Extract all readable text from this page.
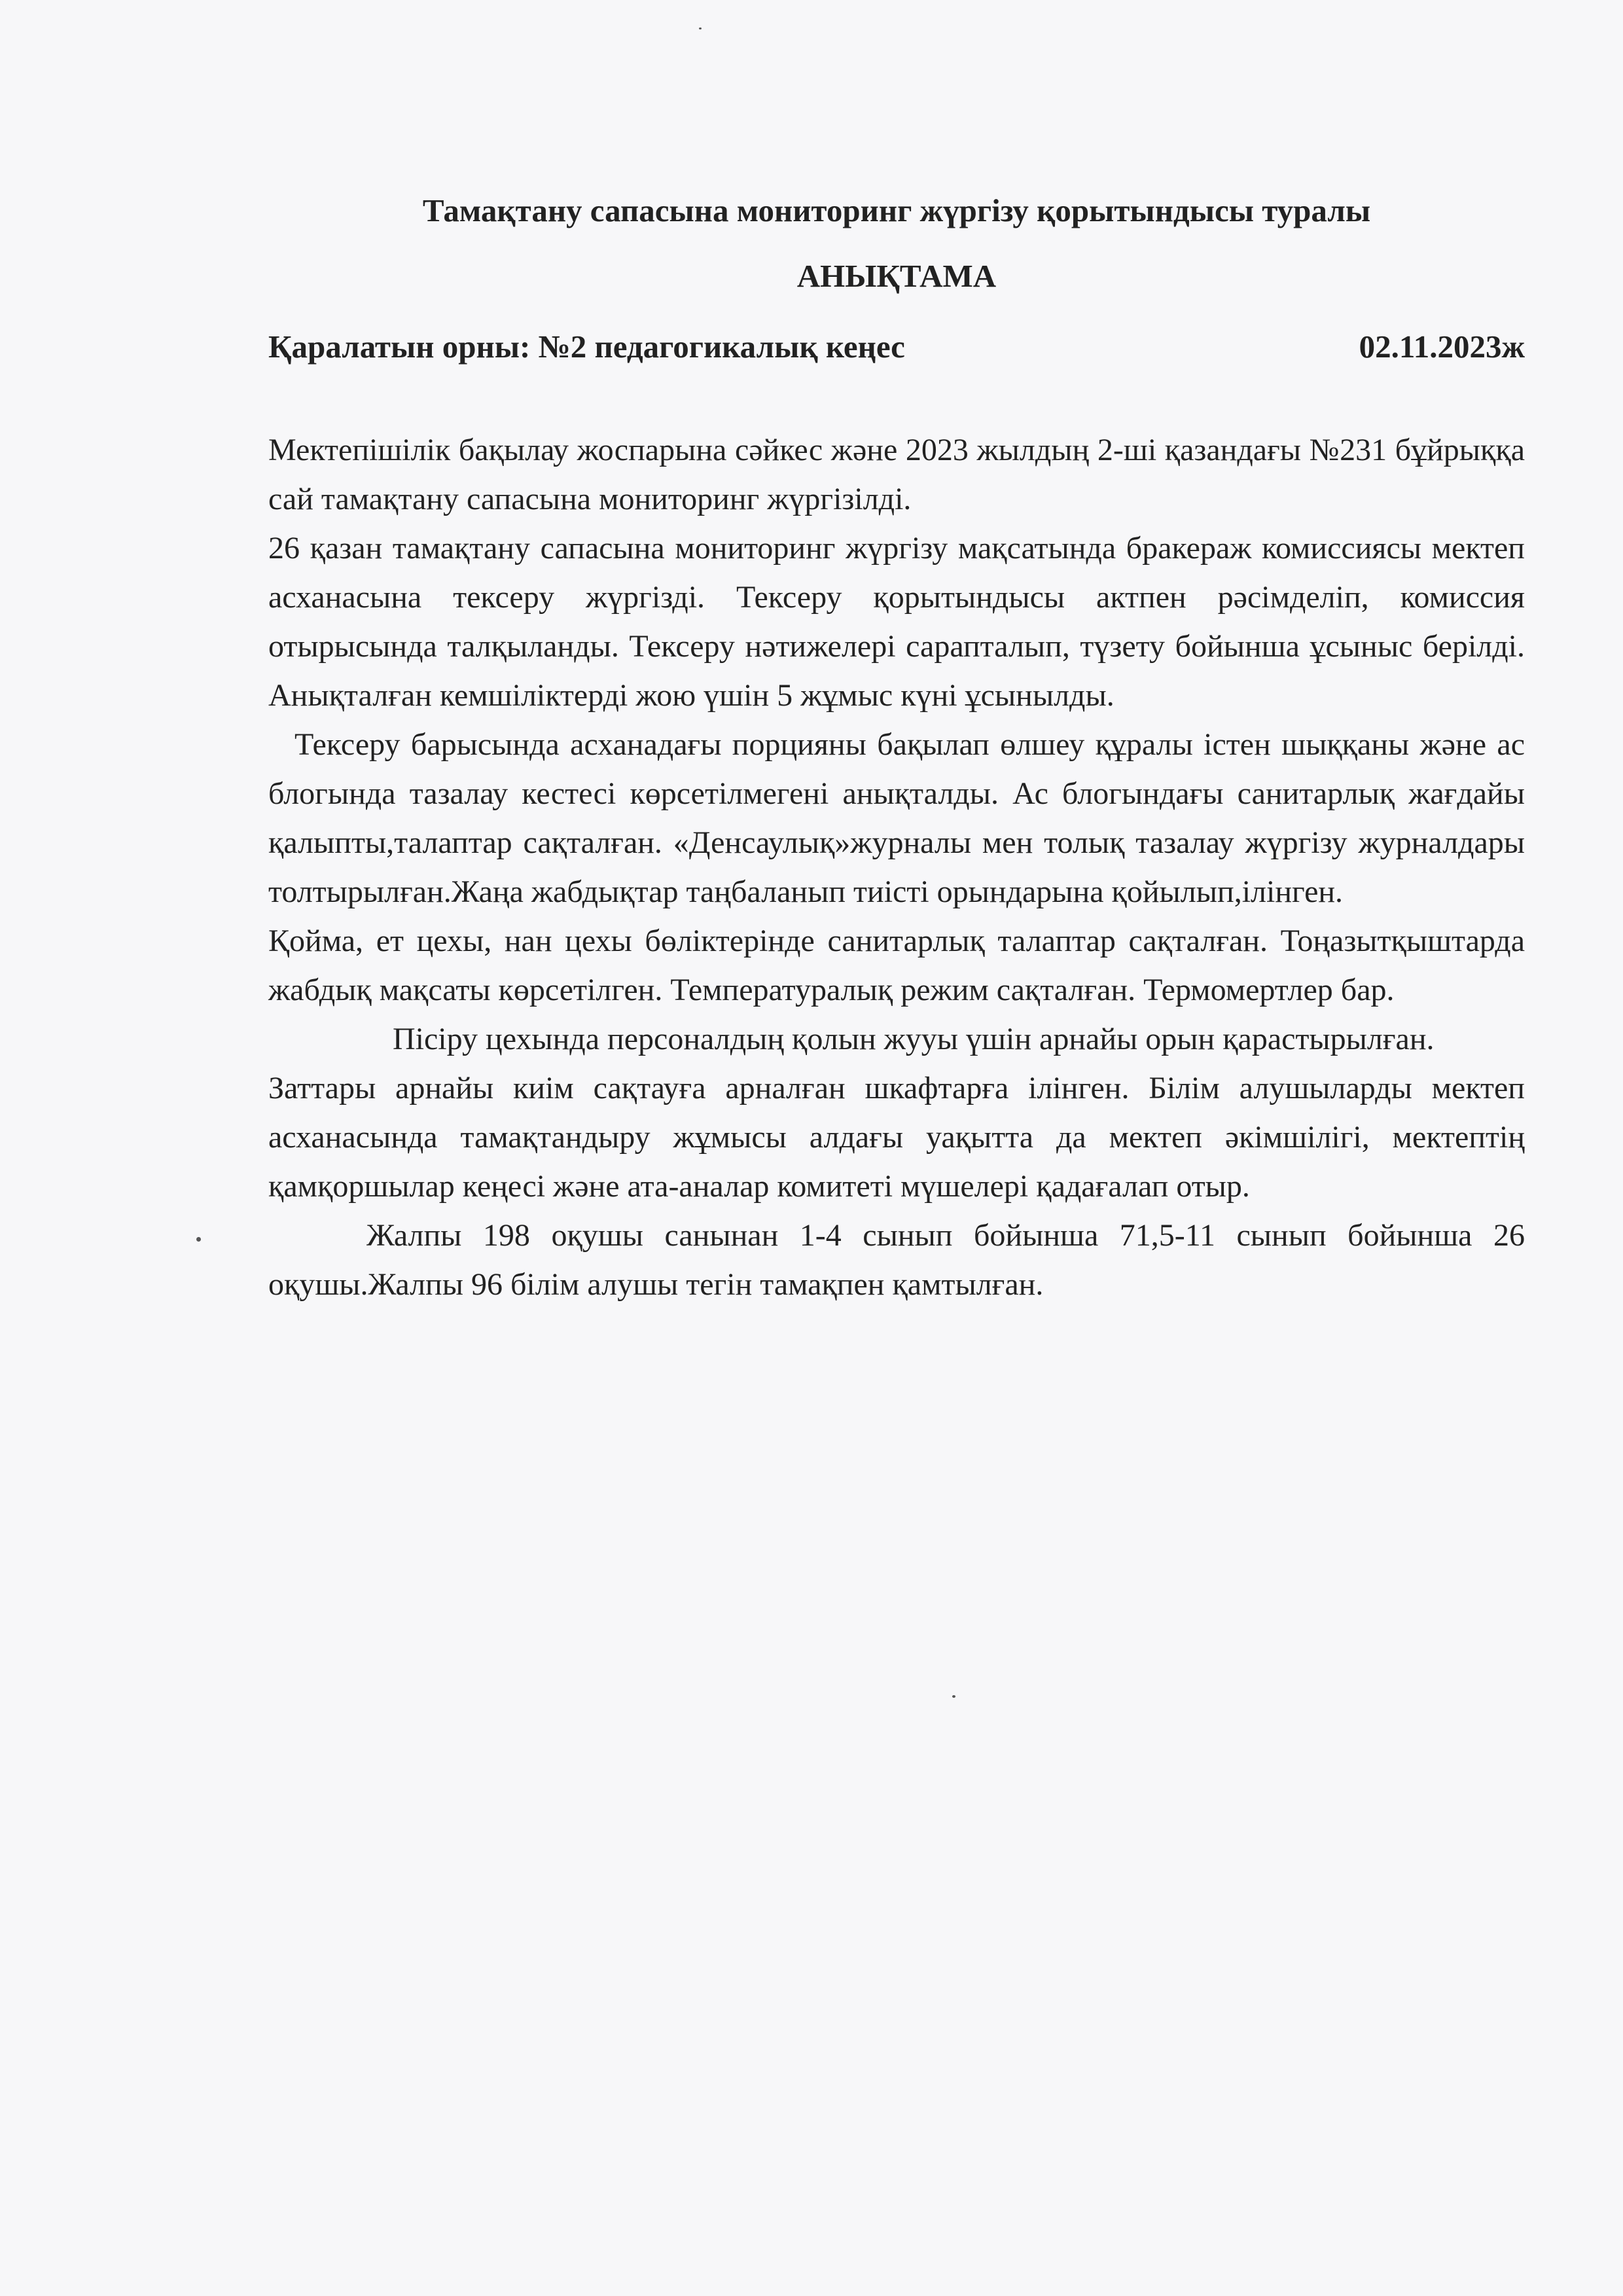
Тамақтану сапасына мониторинг жүргізу қорытындысы туралы
АНЫҚТАМА
Қаралатын орны: №2 педагогикалық кеңес	02.11.2023ж

Мектепішілік бақылау жоспарына сәйкес және 2023 жылдың 2-ші қазандағы №231 бұйрыққа сай тамақтану сапасына мониторинг жүргізілді.

26 қазан тамақтану сапасына мониторинг жүргізу мақсатында бракераж комиссиясы мектеп асханасына тексеру жүргізді. Тексеру қорытындысы актпен рәсімделіп, комиссия отырысында талқыланды. Тексеру нәтижелері сарапталып, түзету бойынша ұсыныс берілді. Анықталған кемшіліктерді жою үшін 5 жұмыс күні ұсынылды.

Тексеру барысында асханадағы порцияны бақылап өлшеу құралы істен шыққаны және ас блогында тазалау кестесі көрсетілмегені анықталды. Ас блогындағы санитарлық жағдайы қалыпты,талаптар сақталған. «Денсаулық»журналы мен толық тазалау жүргізу журналдары толтырылған.Жаңа жабдықтар таңбаланып тиісті орындарына қойылып,ілінген.

Қойма, ет цехы, нан цехы бөліктерінде санитарлық талаптар сақталған. Тоңазытқыштарда жабдық мақсаты көрсетілген. Температуралық режим сақталған. Термомертлер бар.

Пісіру цехында персоналдың қолын жууы үшін арнайы орын қарастырылған.

Заттары арнайы киім сақтауға арналған шкафтарға ілінген. Білім алушыларды мектеп асханасында тамақтандыру жұмысы алдағы уақытта да мектеп әкімшілігі, мектептің қамқоршылар кеңесі және ата-аналар комитеті мүшелері қадағалап отыр.

Жалпы 198 оқушы санынан 1-4 сынып бойынша 71,5-11 сынып бойынша 26 оқушы.Жалпы 96 білім алушы тегін тамақпен қамтылған.
